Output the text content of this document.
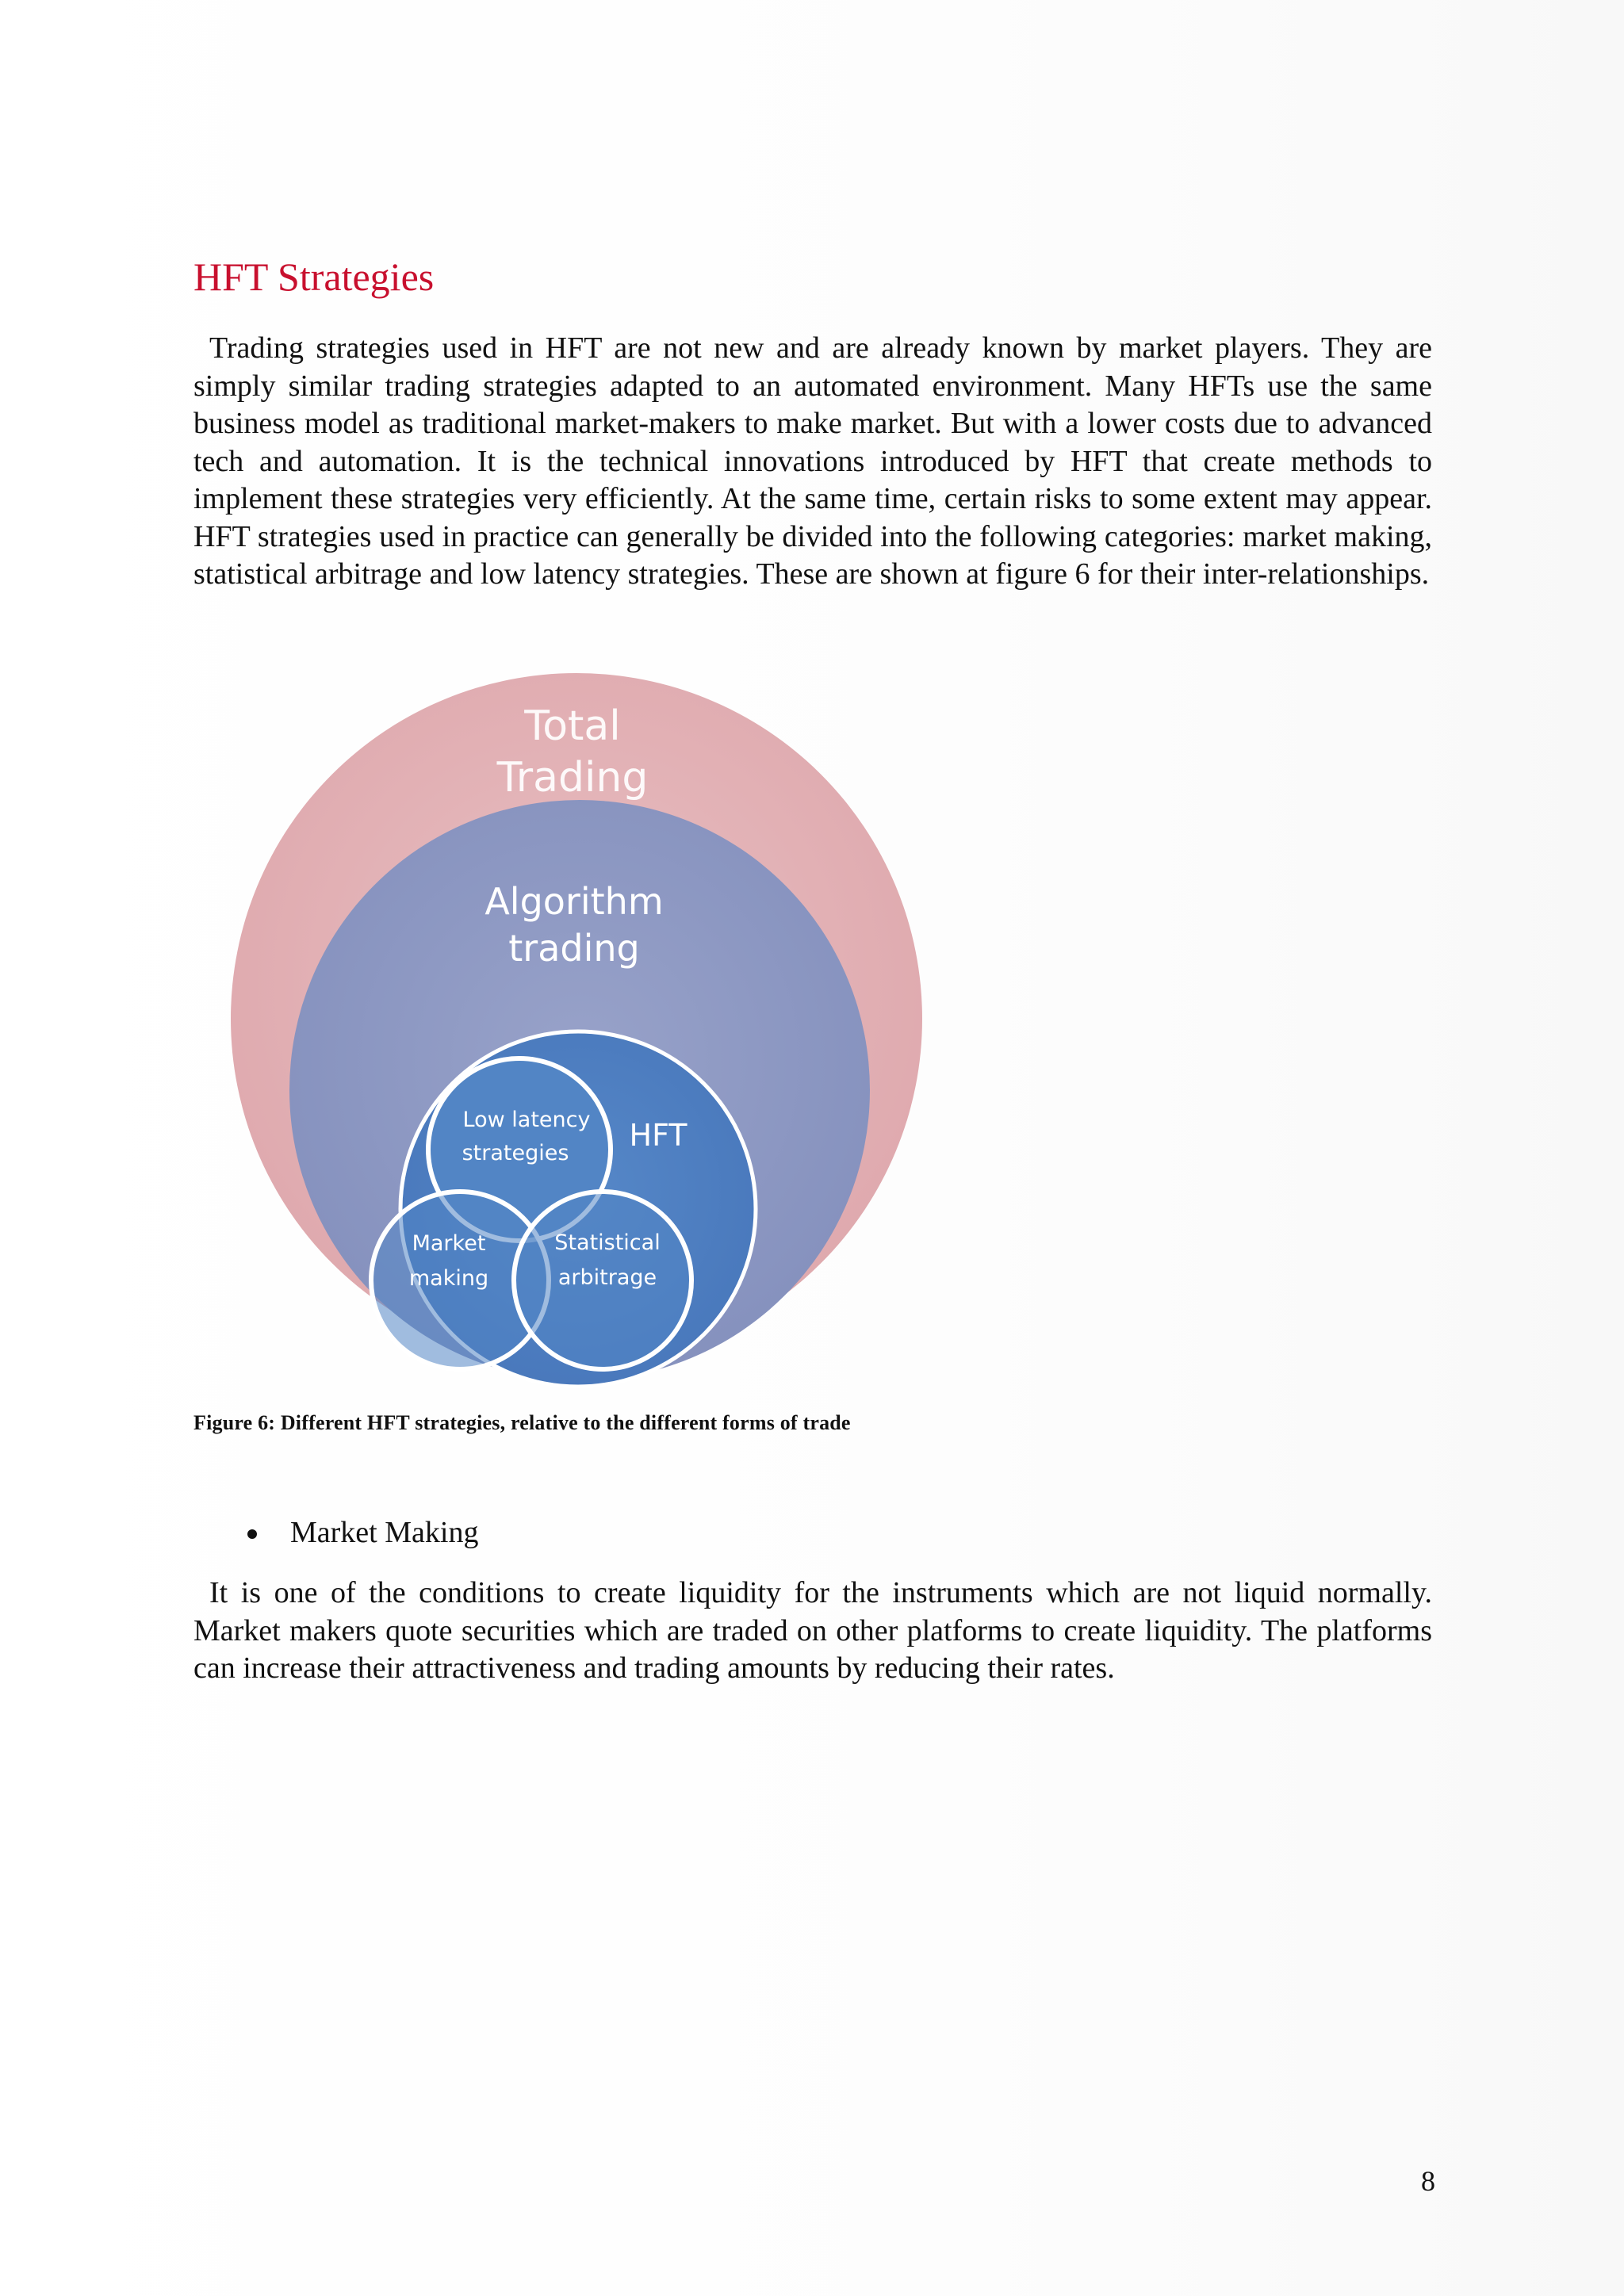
HFT Strategies

Trading strategies used in HFT are not new and are already known by market players. They are simply similar trading strategies adapted to an automated environment. Many HFTs use the same business model as traditional market-makers to make market. But with a lower costs due to advanced tech and automation. It is the technical innovations introduced by HFT that create methods to implement these strategies very efficiently. At the same time, certain risks to some extent may appear. HFT strategies used in practice can generally be divided into the following categories: market making, statistical arbitrage and low latency strategies. These are shown at figure 6 for their inter-relationships.

Total
Trading
Algorithm
trading
HFT
Low latency
strategies
Market
making
Statistical
arbitrage

Figure 6: Different HFT strategies, relative to the different forms of trade

Market Making

It is one of the conditions to create liquidity for the instruments which are not liquid normally. Market makers quote securities which are traded on other platforms to create liquidity. The platforms can increase their attractiveness and trading amounts by reducing their rates.

8
